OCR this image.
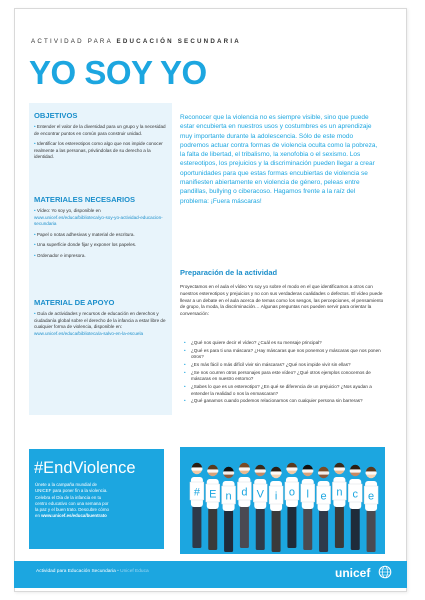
ACTIVIDAD PARA EDUCACIÓN SECUNDARIA
YO SOY YO
OBJETIVOS
• Entender el valor de la diversidad para un grupo y la necesidad de encontrar puntos en común para construir unidad.
• Identificar los estereotipos como algo que nos impide conocer realmente a las personas, privándolas de su derecho a la identidad.
MATERIALES NECESARIOS
• Vídeo: Yo soy yo, disponible en www.unicef.es/educa/biblioteca/yo-soy-yo-actividad-educacion-secundaria
• Papel o notas adhesivas y material de escritura.
• Una superficie donde fijar y exponer los papeles.
• Ordenador e impresora.
MATERIAL DE APOYO
• Guía de actividades y recursos de educación en derechos y ciudadanía global sobre el derecho de la infancia a estar libre de cualquier forma de violencia, disponible en: www.unicef.es/educa/biblioteca/a-salvo-en-la-escuela
Reconocer que la violencia no es siempre visible, sino que puede estar encubierta en nuestros usos y costumbres es un aprendizaje muy importante durante la adolescencia. Sólo de este modo podremos actuar contra formas de violencia oculta como la pobreza, la falta de libertad, el tribalismo, la xenofobia o el sexismo. Los estereotipos, los prejuicios y la discriminación pueden llegar a crear oportunidades para que estas formas encubiertas de violencia se manifiesten abiertamente en violencia de género, peleas entre pandillas, bullying o ciberacoso. Hagamos frente a la raíz del problema: ¡Fuera máscaras!
Preparación de la actividad
Proyectamos en el aula el vídeo Yo soy yo sobre el modo en el que identificamos a otros con nuestros estereotipos y prejuicios y no con sus verdaderas cualidades o defectos. El vídeo puede llevar a un debate en el aula acerca de temas como los sesgos, las percepciones, el pensamiento de grupo, la moda, la discriminación… Algunas preguntas nos pueden servir para orientar la conversación:
• ¿Qué nos quiere decir el vídeo? ¿Cuál es su mensaje principal?
• ¿Qué es para ti una máscara? ¿Hay máscaras que nos ponemos y máscaras que nos ponen otros?
• ¿Es más fácil o más difícil vivir sin máscaras? ¿Qué nos impide vivir sin ellas?
• ¿Se nos ocurren otros personajes para este vídeo? ¿Qué otros ejemplos conocemos de máscaras en nuestro entorno?
• ¿Sabes lo que es un estereotipo? ¿En qué se diferencia de un prejuicio? ¿Nos ayudan a entender la realidad o nos la enmascaran?
• ¿Qué ganamos cuando podemos relacionarnos con cualquier persona sin barreras?
#EndViolence
Únete a la campaña mundial de UNICEF para poner fin a la violencia. Celebra el Día de la infancia en tu centro educativo con una semana por la paz y el buen trato. Descubre cómo en www.unicef.es/educa/buentrato
# E n d V i o l e n c e
Actividad para Educación Secundaria • Unicef Educa	unicef
